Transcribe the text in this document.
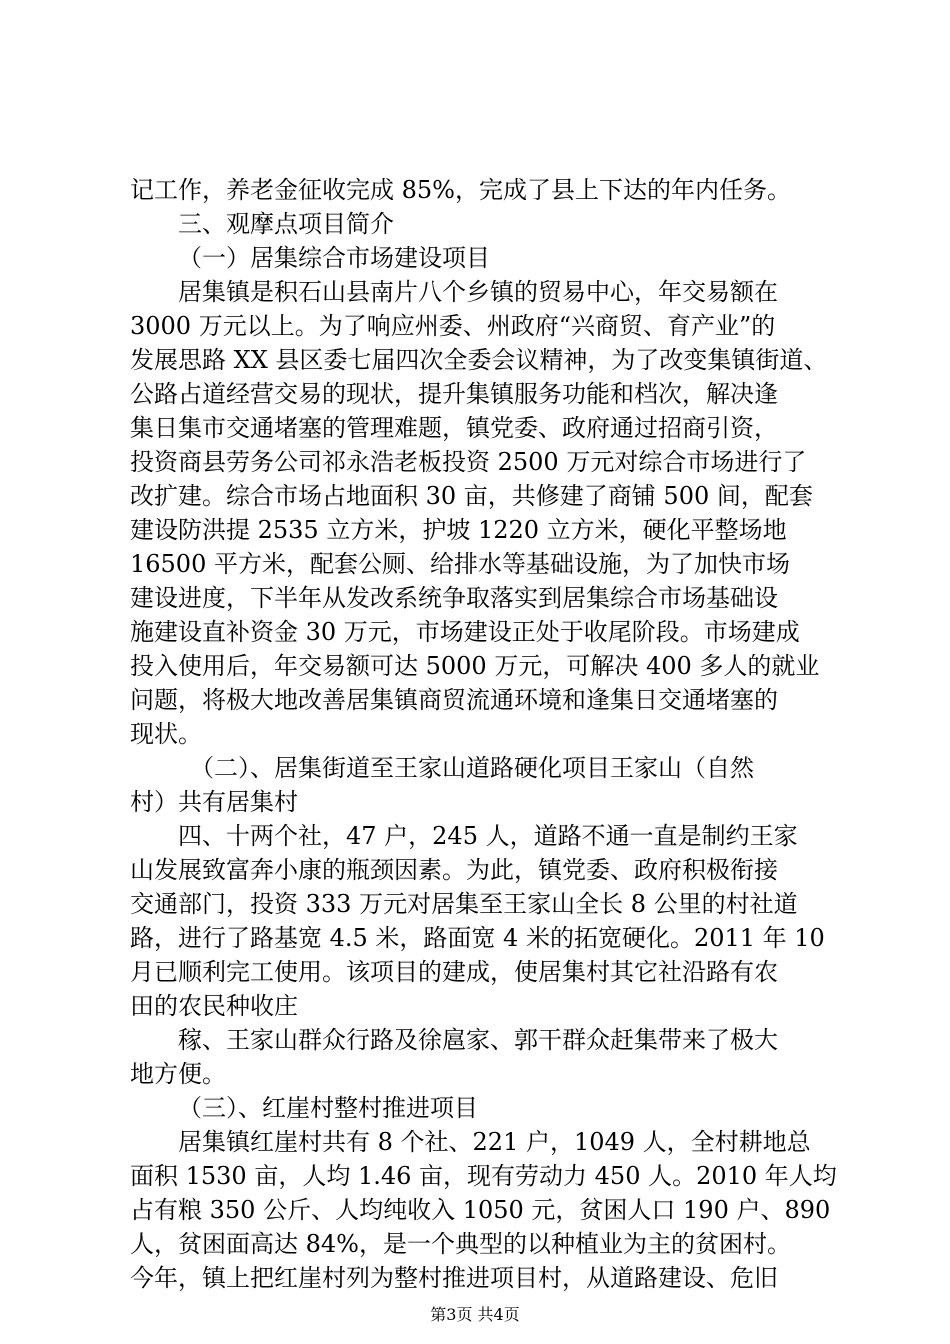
记工作，养老金征收完成 85%，完成了县上下达的年内任务。

三、观摩点项目简介

（一）居集综合市场建设项目

居集镇是积石山县南片八个乡镇的贸易中心，年交易额在

3000 万元以上。为了响应州委、州政府“兴商贸、育产业”的

发展思路 XX 县区委七届四次全委会议精神，为了改变集镇街道、

公路占道经营交易的现状，提升集镇服务功能和档次，解决逢

集日集市交通堵塞的管理难题，镇党委、政府通过招商引资，

投资商县劳务公司祁永浩老板投资 2500 万元对综合市场进行了

改扩建。综合市场占地面积 30 亩，共修建了商铺 500 间，配套

建设防洪提 2535 立方米，护坡 1220 立方米，硬化平整场地

16500 平方米，配套公厕、给排水等基础设施，为了加快市场

建设进度，下半年从发改系统争取落实到居集综合市场基础设

施建设直补资金 30 万元，市场建设正处于收尾阶段。市场建成

投入使用后，年交易额可达 5000 万元，可解决 400 多人的就业

问题，将极大地改善居集镇商贸流通环境和逢集日交通堵塞的

现状。

（二）、居集街道至王家山道路硬化项目王家山（自然

村）共有居集村

四、十两个社，47 户，245 人，道路不通一直是制约王家

山发展致富奔小康的瓶颈因素。为此，镇党委、政府积极衔接

交通部门，投资 333 万元对居集至王家山全长 8 公里的村社道

路，进行了路基宽 4.5 米，路面宽 4 米的拓宽硬化。2011 年 10

月已顺利完工使用。该项目的建成，使居集村其它社沿路有农

田的农民种收庄

稼、王家山群众行路及徐扈家、郭干群众赶集带来了极大

地方便。

（三）、红崖村整村推进项目

居集镇红崖村共有 8 个社、221 户，1049 人，全村耕地总

面积 1530 亩，人均 1.46 亩，现有劳动力 450 人。2010 年人均

占有粮 350 公斤、人均纯收入 1050 元，贫困人口 190 户、890

人，贫困面高达 84%，是一个典型的以种植业为主的贫困村。

今年，镇上把红崖村列为整村推进项目村，从道路建设、危旧

第3页 共4页
